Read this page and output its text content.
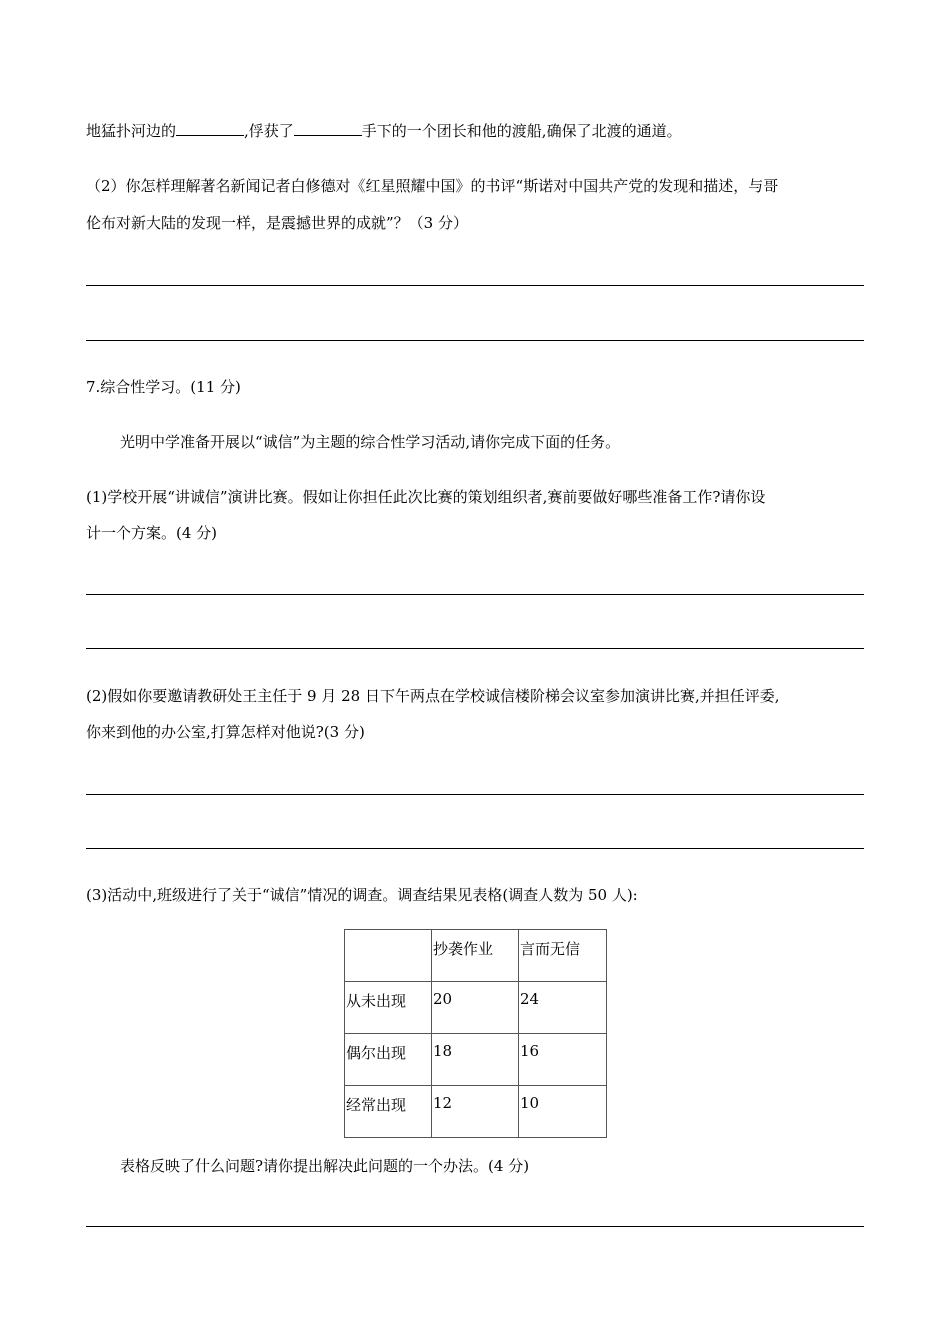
地猛扑河边的	,俘获了	手下的一个团长和他的渡船,确保了北渡的通道。
（2）你怎样理解著名新闻记者白修德对《红星照耀中国》的书评“斯诺对中国共产党的发现和描述，与哥
伦布对新大陆的发现一样，是震撼世界的成就”？（3 分）
7.综合性学习。(11 分)
光明中学准备开展以“诚信”为主题的综合性学习活动,请你完成下面的任务。
(1)学校开展“讲诚信”演讲比赛。假如让你担任此次比赛的策划组织者,赛前要做好哪些准备工作?请你设
计一个方案。(4 分)
(2)假如你要邀请教研处王主任于 9 月 28 日下午两点在学校诚信楼阶梯会议室参加演讲比赛,并担任评委,
你来到他的办公室,打算怎样对他说?(3 分)
(3)活动中,班级进行了关于“诚信”情况的调查。调查结果见表格(调查人数为 50 人):
	抄袭作业	言而无信
从未出现	20	24
偶尔出现	18	16
经常出现	12	10
表格反映了什么问题?请你提出解决此问题的一个办法。(4 分)
